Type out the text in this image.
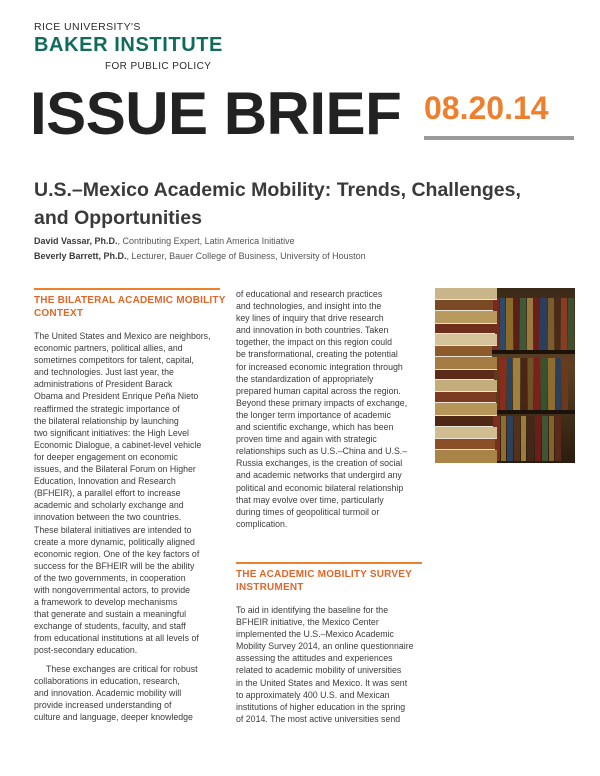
RICE UNIVERSITY'S
BAKER INSTITUTE
FOR PUBLIC POLICY
ISSUE BRIEF 08.20.14
U.S.–Mexico Academic Mobility: Trends, Challenges,
and Opportunities
David Vassar, Ph.D., Contributing Expert, Latin America Initiative
Beverly Barrett, Ph.D., Lecturer, Bauer College of Business, University of Houston
THE BILATERAL ACADEMIC MOBILITY
CONTEXT
The United States and Mexico are neighbors,
economic partners, political allies, and
sometimes competitors for talent, capital,
and technologies. Just last year, the
administrations of President Barack
Obama and President Enrique Peña Nieto
reaffirmed the strategic importance of
the bilateral relationship by launching
two significant initiatives: the High Level
Economic Dialogue, a cabinet-level vehicle
for deeper engagement on economic
issues, and the Bilateral Forum on Higher
Education, Innovation and Research
(BFHEIR), a parallel effort to increase
academic and scholarly exchange and
innovation between the two countries.
These bilateral initiatives are intended to
create a more dynamic, politically aligned
economic region. One of the key factors of
success for the BFHEIR will be the ability
of the two governments, in cooperation
with nongovernmental actors, to provide
a framework to develop mechanisms
that generate and sustain a meaningful
exchange of students, faculty, and staff
from educational institutions at all levels of
post-secondary education.
These exchanges are critical for robust
collaborations in education, research,
and innovation. Academic mobility will
provide increased understanding of
culture and language, deeper knowledge
of educational and research practices
and technologies, and insight into the
key lines of inquiry that drive research
and innovation in both countries. Taken
together, the impact on this region could
be transformational, creating the potential
for increased economic integration through
the standardization of appropriately
prepared human capital across the region.
Beyond these primary impacts of exchange,
the longer term importance of academic
and scientific exchange, which has been
proven time and again with strategic
relationships such as U.S.–China and U.S.–
Russia exchanges, is the creation of social
and academic networks that undergird any
political and economic bilateral relationship
that may evolve over time, particularly
during times of geopolitical turmoil or
complication.
THE ACADEMIC MOBILITY SURVEY
INSTRUMENT
To aid in identifying the baseline for the
BFHEIR initiative, the Mexico Center
implemented the U.S.–Mexico Academic
Mobility Survey 2014, an online questionnaire
assessing the attitudes and experiences
related to academic mobility of universities
in the United States and Mexico. It was sent
to approximately 400 U.S. and Mexican
institutions of higher education in the spring
of 2014. The most active universities send
